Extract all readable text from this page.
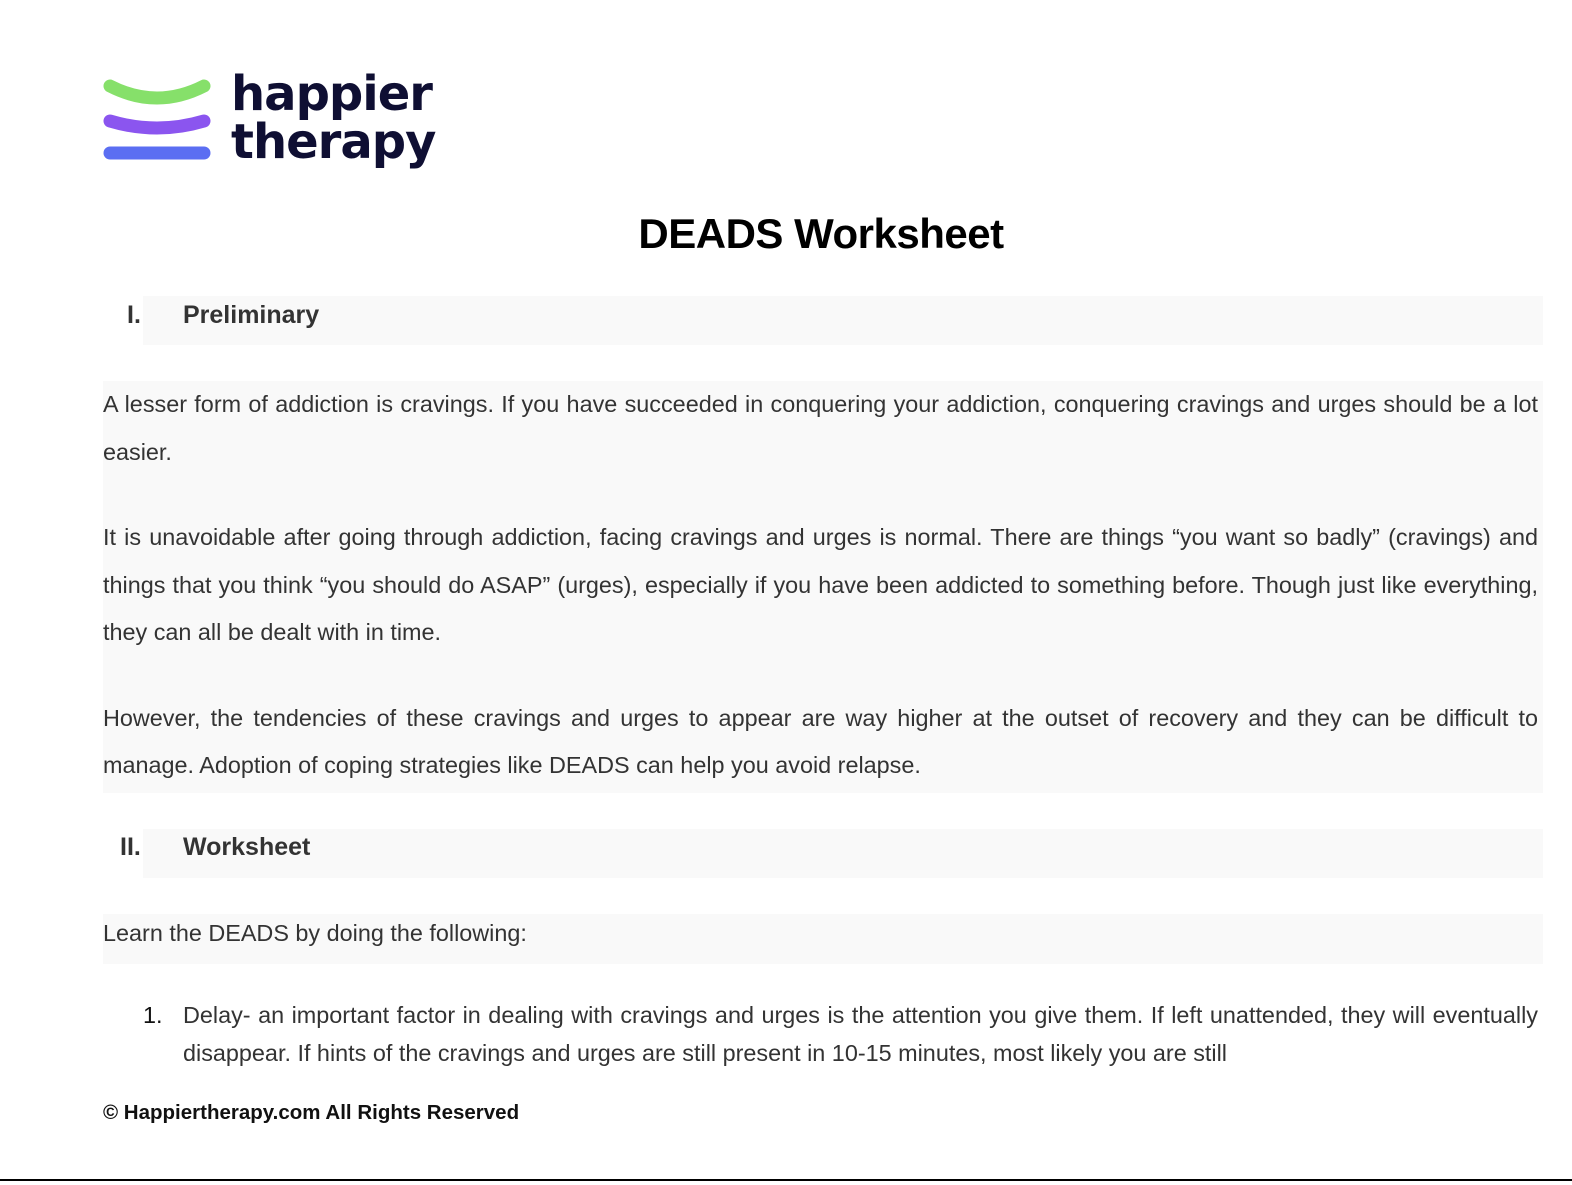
happier
therapy
DEADS Worksheet
I. Preliminary

A lesser form of addiction is cravings. If you have succeeded in conquering your addiction, conquering cravings and urges should be a lot easier.

It is unavoidable after going through addiction, facing cravings and urges is normal. There are things “you want so badly” (cravings) and things that you think “you should do ASAP” (urges), especially if you have been addicted to something before. Though just like everything, they can all be dealt with in time.

However, the tendencies of these cravings and urges to appear are way higher at the outset of recovery and they can be difficult to manage. Adoption of coping strategies like DEADS can help you avoid relapse.

II. Worksheet

Learn the DEADS by doing the following:

1. Delay- an important factor in dealing with cravings and urges is the attention you give them. If left unattended, they will eventually disappear. If hints of the cravings and urges are still present in 10-15 minutes, most likely you are still

© Happiertherapy.com All Rights Reserved
